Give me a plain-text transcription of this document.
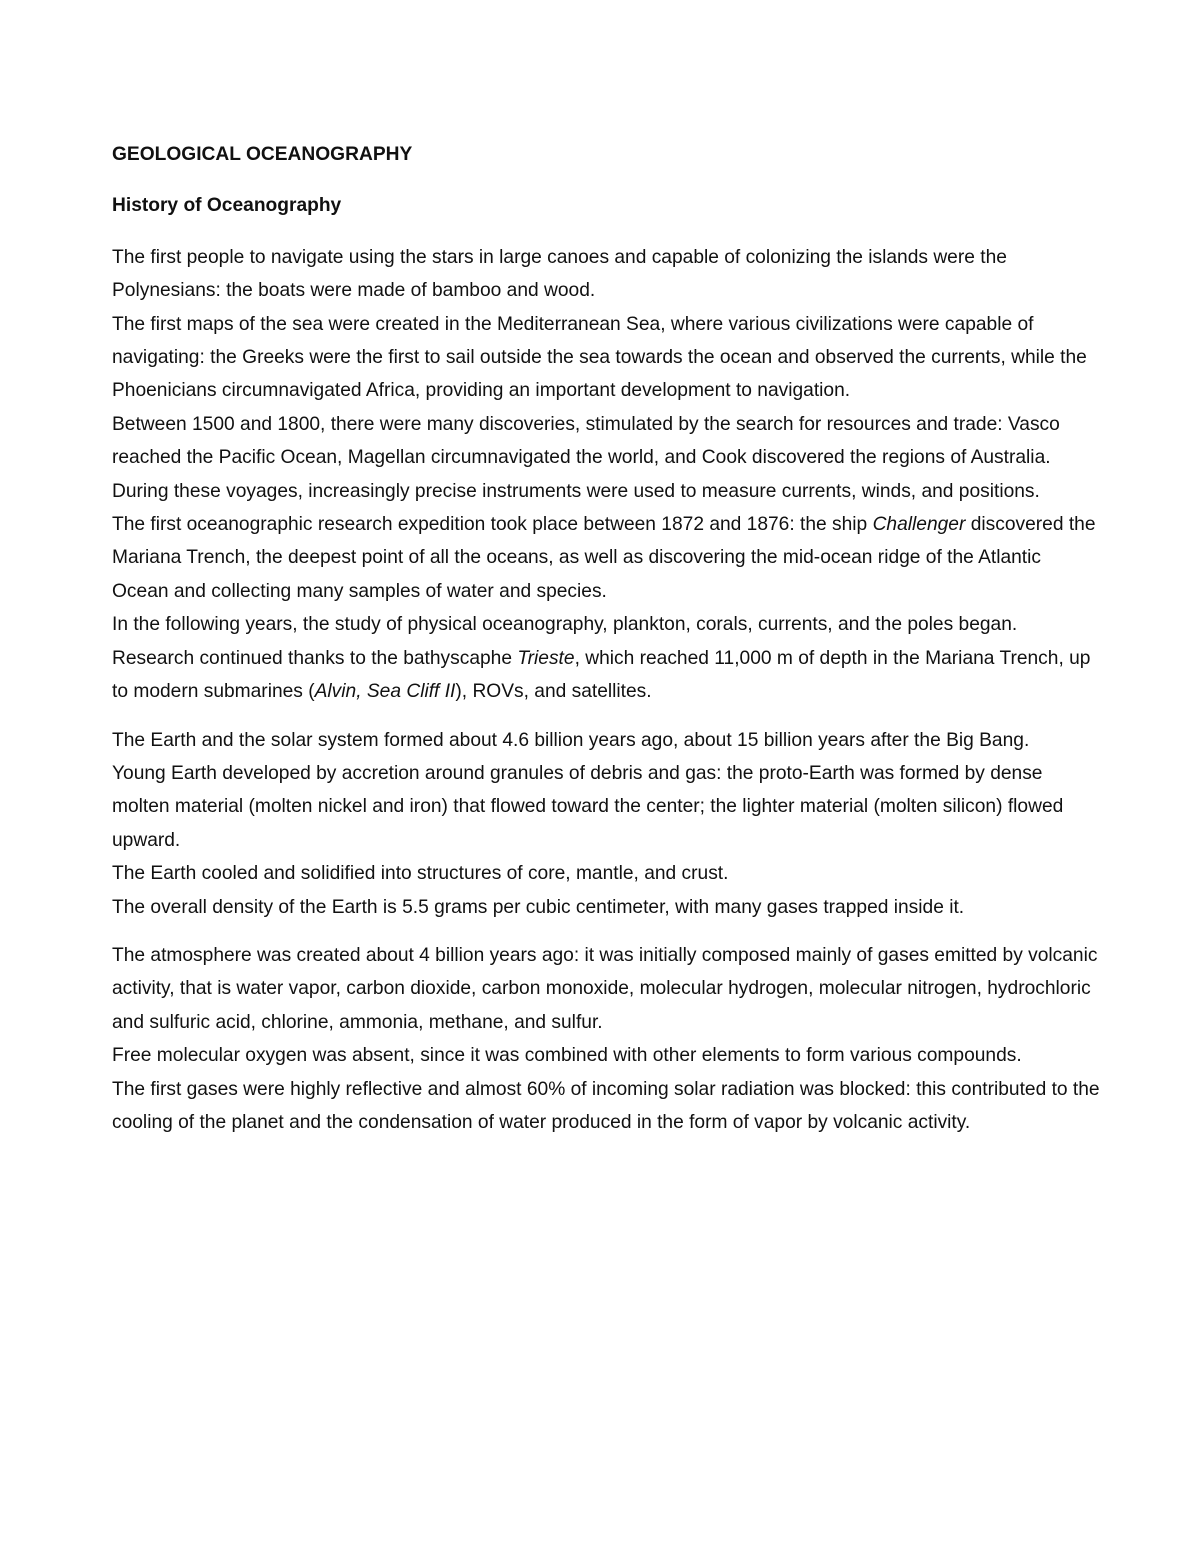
GEOLOGICAL OCEANOGRAPHY
History of Oceanography

The first people to navigate using the stars in large canoes and capable of colonizing the islands were the Polynesians: the boats were made of bamboo and wood.

The first maps of the sea were created in the Mediterranean Sea, where various civilizations were capable of navigating: the Greeks were the first to sail outside the sea towards the ocean and observed the currents, while the Phoenicians circumnavigated Africa, providing an important development to navigation.

Between 1500 and 1800, there were many discoveries, stimulated by the search for resources and trade: Vasco reached the Pacific Ocean, Magellan circumnavigated the world, and Cook discovered the regions of Australia.

During these voyages, increasingly precise instruments were used to measure currents, winds, and positions.

The first oceanographic research expedition took place between 1872 and 1876: the ship Challenger discovered the Mariana Trench, the deepest point of all the oceans, as well as discovering the mid-ocean ridge of the Atlantic Ocean and collecting many samples of water and species.

In the following years, the study of physical oceanography, plankton, corals, currents, and the poles began. Research continued thanks to the bathyscaphe Trieste, which reached 11,000 m of depth in the Mariana Trench, up to modern submarines (Alvin, Sea Cliff II), ROVs, and satellites.

The Earth and the solar system formed about 4.6 billion years ago, about 15 billion years after the Big Bang.

Young Earth developed by accretion around granules of debris and gas: the proto-Earth was formed by dense molten material (molten nickel and iron) that flowed toward the center; the lighter material (molten silicon) flowed upward.

The Earth cooled and solidified into structures of core, mantle, and crust.

The overall density of the Earth is 5.5 grams per cubic centimeter, with many gases trapped inside it.

The atmosphere was created about 4 billion years ago: it was initially composed mainly of gases emitted by volcanic activity, that is water vapor, carbon dioxide, carbon monoxide, molecular hydrogen, molecular nitrogen, hydrochloric and sulfuric acid, chlorine, ammonia, methane, and sulfur.

Free molecular oxygen was absent, since it was combined with other elements to form various compounds.

The first gases were highly reflective and almost 60% of incoming solar radiation was blocked: this contributed to the cooling of the planet and the condensation of water produced in the form of vapor by volcanic activity.
